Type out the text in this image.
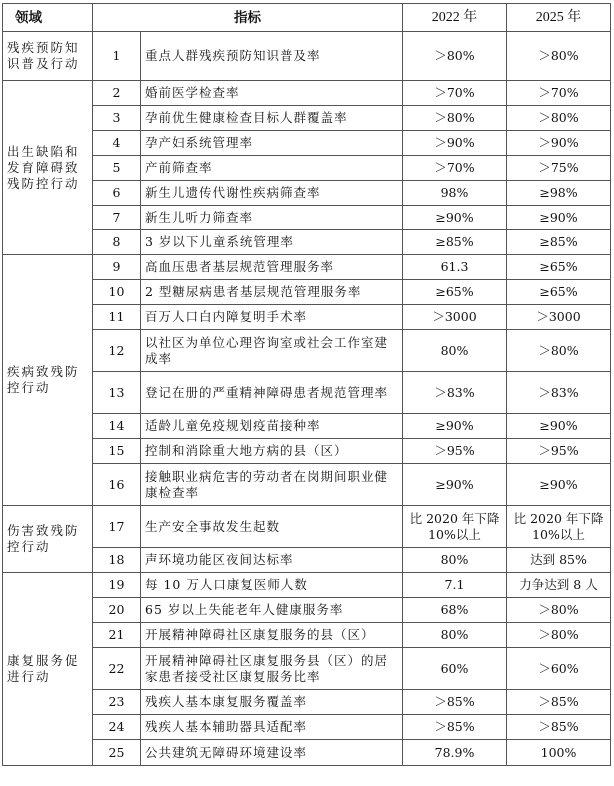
领域	指标		2022 年	2025 年
残疾预防知识普及行动	1	重点人群残疾预防知识普及率	＞80%	＞80%
出生缺陷和发育障碍致残防控行动	2	婚前医学检查率	＞70%	＞70%
	3	孕前优生健康检查目标人群覆盖率	＞80%	＞80%
	4	孕产妇系统管理率	＞90%	＞90%
	5	产前筛查率	＞70%	＞75%
	6	新生儿遗传代谢性疾病筛查率	98%	≥98%
	7	新生儿听力筛查率	≥90%	≥90%
	8	3 岁以下儿童系统管理率	≥85%	≥85%
疾病致残防控行动	9	高血压患者基层规范管理服务率	61.3	≥65%
	10	2 型糖尿病患者基层规范管理服务率	≥65%	≥65%
	11	百万人口白内障复明手术率	＞3000	＞3000
	12	以社区为单位心理咨询室或社会工作室建成率	80%	＞80%
	13	登记在册的严重精神障碍患者规范管理率	＞83%	＞83%
	14	适龄儿童免疫规划疫苗接种率	≥90%	≥90%
	15	控制和消除重大地方病的县（区）	＞95%	＞95%
	16	接触职业病危害的劳动者在岗期间职业健康检查率	≥90%	≥90%
伤害致残防控行动	17	生产安全事故发生起数	比 2020 年下降 10%以上	比 2020 年下降 10%以上
	18	声环境功能区夜间达标率	80%	达到 85%
康复服务促进行动	19	每 10 万人口康复医师人数	7.1	力争达到 8 人
	20	65 岁以上失能老年人健康服务率	68%	＞80%
	21	开展精神障碍社区康复服务的县（区）	80%	＞80%
	22	开展精神障碍社区康复服务县（区）的居家患者接受社区康复服务比率	60%	＞60%
	23	残疾人基本康复服务覆盖率	＞85%	＞85%
	24	残疾人基本辅助器具适配率	＞85%	＞85%
	25	公共建筑无障碍环境建设率	78.9%	100%
